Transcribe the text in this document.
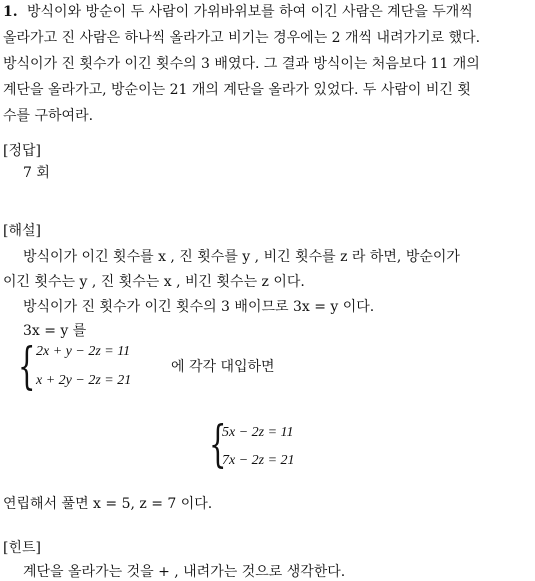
1. 방식이와 방순이 두 사람이 가위바위보를 하여 이긴 사람은 계단을 두개씩
올라가고 진 사람은 하나씩 올라가고 비기는 경우에는 2 개씩 내려가기로 했다.
방식이가 진 횟수가 이긴 횟수의 3 배였다. 그 결과 방식이는 처음보다 11 개의
계단을 올라가고, 방순이는 21 개의 계단을 올라가 있었다. 두 사람이 비긴 횟
수를 구하여라.
[정답]
7 회
[해설]
방식이가 이긴 횟수를 x , 진 횟수를 y , 비긴 횟수를 z 라 하면, 방순이가
이긴 횟수는 y , 진 횟수는 x , 비긴 횟수는 z 이다.
방식이가 진 횟수가 이긴 횟수의 3 배이므로 3x = y 이다.
3x = y 를
{ 2x + y − 2z = 11
x + 2y − 2z = 21
에 각각 대입하면
{
5x − 2z = 11
7x − 2z = 21
연립해서 풀면 x = 5, z = 7 이다.
[힌트]
계단을 올라가는 것을 + , 내려가는 것으로 생각한다.
